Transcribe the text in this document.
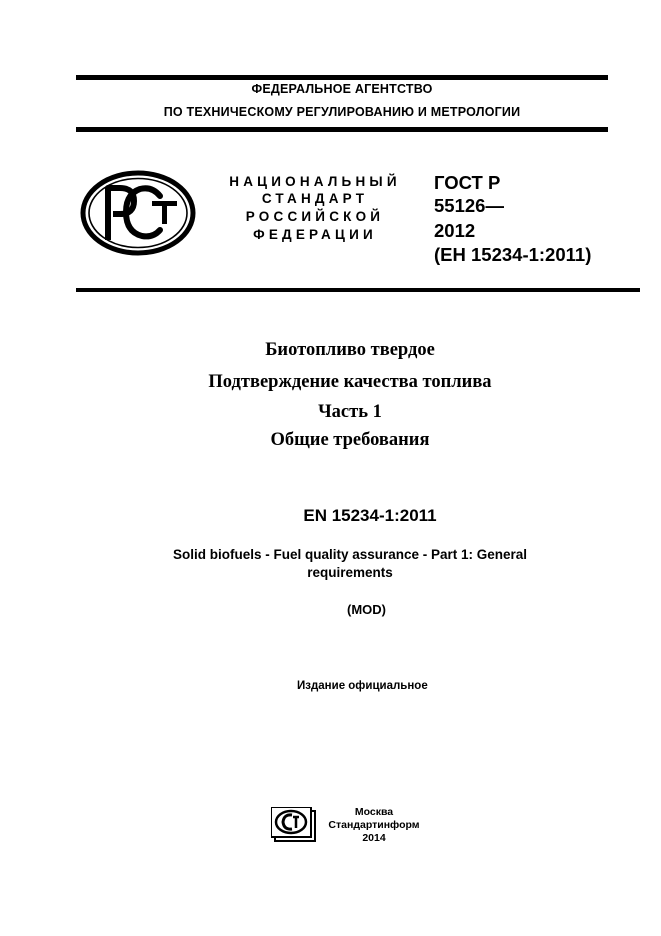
ФЕДЕРАЛЬНОЕ АГЕНТСТВО
ПО ТЕХНИЧЕСКОМУ РЕГУЛИРОВАНИЮ И МЕТРОЛОГИИ
НАЦИОНАЛЬНЫЙ
СТАНДАРТ
РОССИЙСКОЙ
ФЕДЕРАЦИИ
ГОСТ Р
55126—
2012
(ЕН 15234-1:2011)
Биотопливо твердое
Подтверждение качества топлива
Часть 1
Общие требования
EN 15234-1:2011
Solid biofuels - Fuel quality assurance - Part 1: General
requirements
(MOD)
Издание официальное
Москва
Стандартинформ
2014
